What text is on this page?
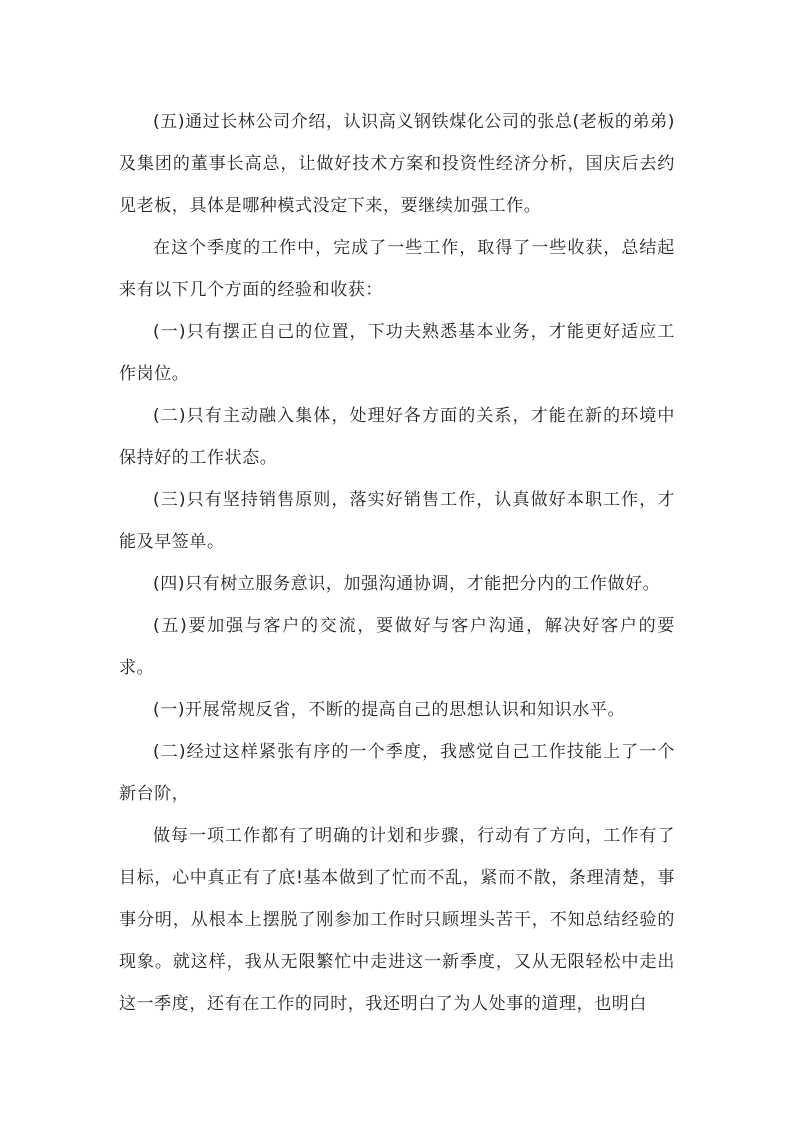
(五)通过长林公司介绍，认识高义钢铁煤化公司的张总(老板的弟弟)及集团的董事长高总，让做好技术方案和投资性经济分析，国庆后去约见老板，具体是哪种模式没定下来，要继续加强工作。

在这个季度的工作中，完成了一些工作，取得了一些收获，总结起来有以下几个方面的经验和收获：

(一)只有摆正自己的位置，下功夫熟悉基本业务，才能更好适应工作岗位。

(二)只有主动融入集体，处理好各方面的关系，才能在新的环境中保持好的工作状态。

(三)只有坚持销售原则，落实好销售工作，认真做好本职工作，才能及早签单。

(四)只有树立服务意识，加强沟通协调，才能把分内的工作做好。

(五)要加强与客户的交流，要做好与客户沟通，解决好客户的要求。

(一)开展常规反省，不断的提高自己的思想认识和知识水平。

(二)经过这样紧张有序的一个季度，我感觉自己工作技能上了一个新台阶，

做每一项工作都有了明确的计划和步骤，行动有了方向，工作有了目标，心中真正有了底!基本做到了忙而不乱，紧而不散，条理清楚，事事分明，从根本上摆脱了刚参加工作时只顾埋头苦干，不知总结经验的现象。就这样，我从无限繁忙中走进这一新季度，又从无限轻松中走出这一季度，还有在工作的同时，我还明白了为人处事的道理，也明白
